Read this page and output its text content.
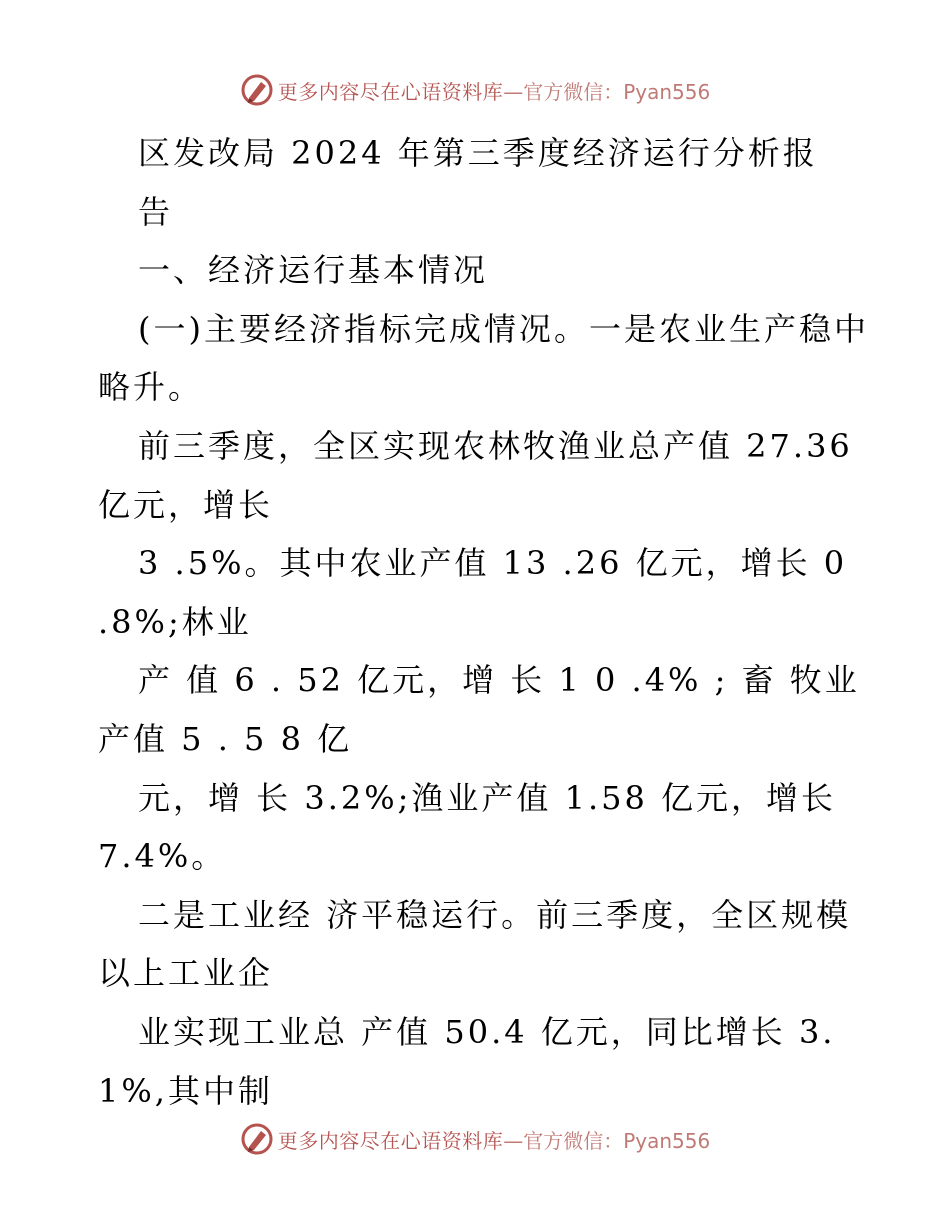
更多内容尽在心语资料库 —官方微信：Pyan556
区发改局 2024 年第三季度经济运行分析报
告
一、经济运行基本情况
(一)主要经济指标完成情况。一是农业生产稳中
略升。
前三季度，全区实现农林牧渔业总产值 27.36
亿元，增长
3 .5%。其中农业产值 13 .26 亿元，增长 0
.8%;林业
产 值 6 . 52 亿元，增 长 1 0 .4% ; 畜 牧业
产值 5 . 5 8 亿
元，增 长 3.2%;渔业产值 1.58 亿元，增长
7.4%。
二是工业经 济平稳运行。前三季度，全区规模
以上工业企
业实现工业总 产值 50.4 亿元，同比增长 3.
1%,其中制
更多内容尽在心语资料库 —官方微信：Pyan556
